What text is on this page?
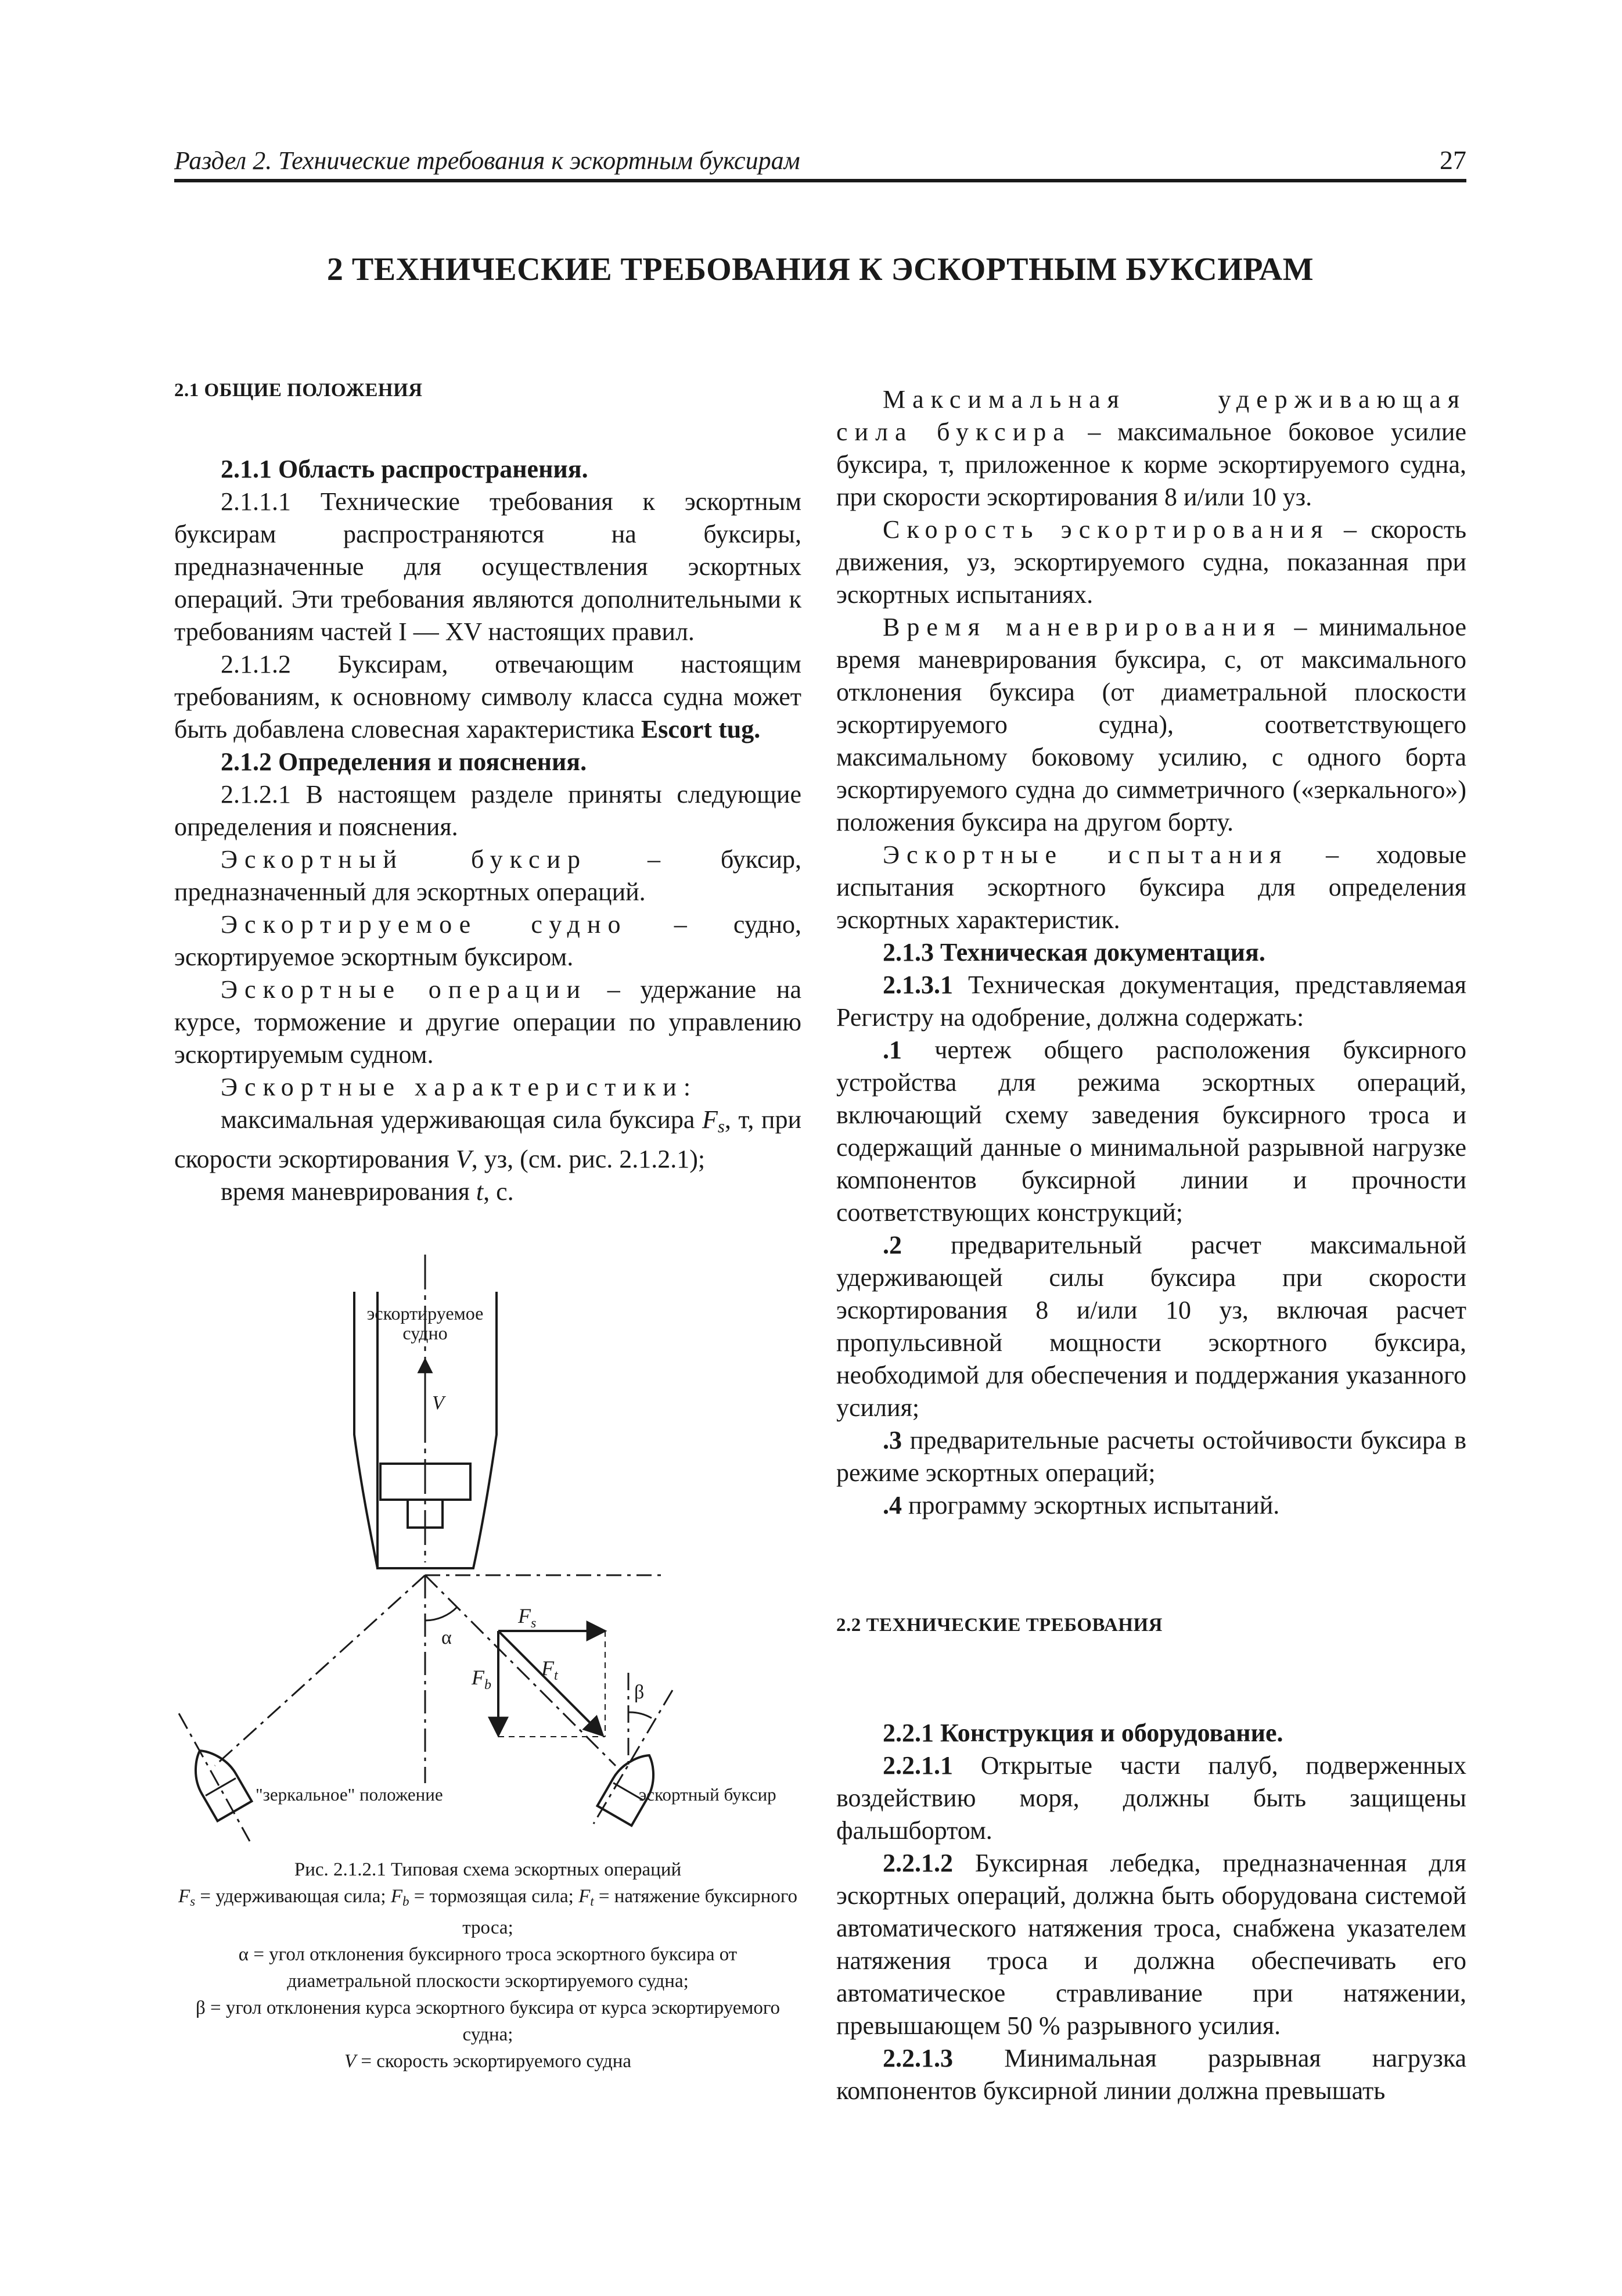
Раздел 2. Технические требования к эскортным буксирам	27
2 ТЕХНИЧЕСКИЕ ТРЕБОВАНИЯ К ЭСКОРТНЫМ БУКСИРАМ

2.1 ОБЩИЕ ПОЛОЖЕНИЯ

2.1.1 Область распространения.

2.1.1.1 Технические требования к эскортным буксирам распространяются на буксиры, предназначенные для осуществления эскортных операций. Эти требования являются дополнительными к требованиям частей I — XV настоящих правил.

2.1.1.2 Буксирам, отвечающим настоящим требованиям, к основному символу класса судна может быть добавлена словесная характеристика Escort tug.

2.1.2 Определения и пояснения.

2.1.2.1 В настоящем разделе приняты следующие определения и пояснения.

Эскортный буксир – буксир, предназначенный для эскортных операций.

Эскортируемое судно – судно, эскортируемое эскортным буксиром.

Эскортные операции – удержание на курсе, торможение и другие операции по управлению эскортируемым судном.

Эскортные характеристики:

максимальная удерживающая сила буксира $F_s$, т, при скорости эскортирования V, уз, (см. рис. 2.1.2.1);

время маневрирования t, с.

эскортируемое
судно
V
α
$F_s$
$F_b$
$F_t$
β
"зеркальное" положение	эскортный буксир

Рис. 2.1.2.1 Типовая схема эскортных операций

$F_s$ = удерживающая сила; $F_b$ = тормозящая сила; $F_t$ = натяжение буксирного троса;

α = угол отклонения буксирного троса эскортного буксира от диаметральной плоскости эскортируемого судна;

β = угол отклонения курса эскортного буксира от курса эскортируемого судна;

V = скорость эскортируемого судна

Максимальная удерживающая сила буксира – максимальное боковое усилие буксира, т, приложенное к корме эскортируемого судна, при скорости эскортирования 8 и/или 10 уз.

Скорость эскортирования – скорость движения, уз, эскортируемого судна, показанная при эскортных испытаниях.

Время маневрирования – минимальное время маневрирования буксира, с, от максимального отклонения буксира (от диаметральной плоскости эскортируемого судна), соответствующего максимальному боковому усилию, с одного борта эскортируемого судна до симметричного («зеркального») положения буксира на другом борту.

Эскортные испытания – ходовые испытания эскортного буксира для определения эскортных характеристик.

2.1.3 Техническая документация.

2.1.3.1 Техническая документация, представляемая Регистру на одобрение, должна содержать:

.1 чертеж общего расположения буксирного устройства для режима эскортных операций, включающий схему заведения буксирного троса и содержащий данные о минимальной разрывной нагрузке компонентов буксирной линии и прочности соответствующих конструкций;

.2 предварительный расчет максимальной удерживающей силы буксира при скорости эскортирования 8 и/или 10 уз, включая расчет пропульсивной мощности эскортного буксира, необходимой для обеспечения и поддержания указанного усилия;

.3 предварительные расчеты остойчивости буксира в режиме эскортных операций;

.4 программу эскортных испытаний.

2.2 ТЕХНИЧЕСКИЕ ТРЕБОВАНИЯ

2.2.1 Конструкция и оборудование.

2.2.1.1 Открытые части палуб, подверженных воздействию моря, должны быть защищены фальшбортом.

2.2.1.2 Буксирная лебедка, предназначенная для эскортных операций, должна быть оборудована системой автоматического натяжения троса, снабжена указателем натяжения троса и должна обеспечивать его автоматическое стравливание при натяжении, превышающем 50 % разрывного усилия.

2.2.1.3 Минимальная разрывная нагрузка компонентов буксирной линии должна превышать
